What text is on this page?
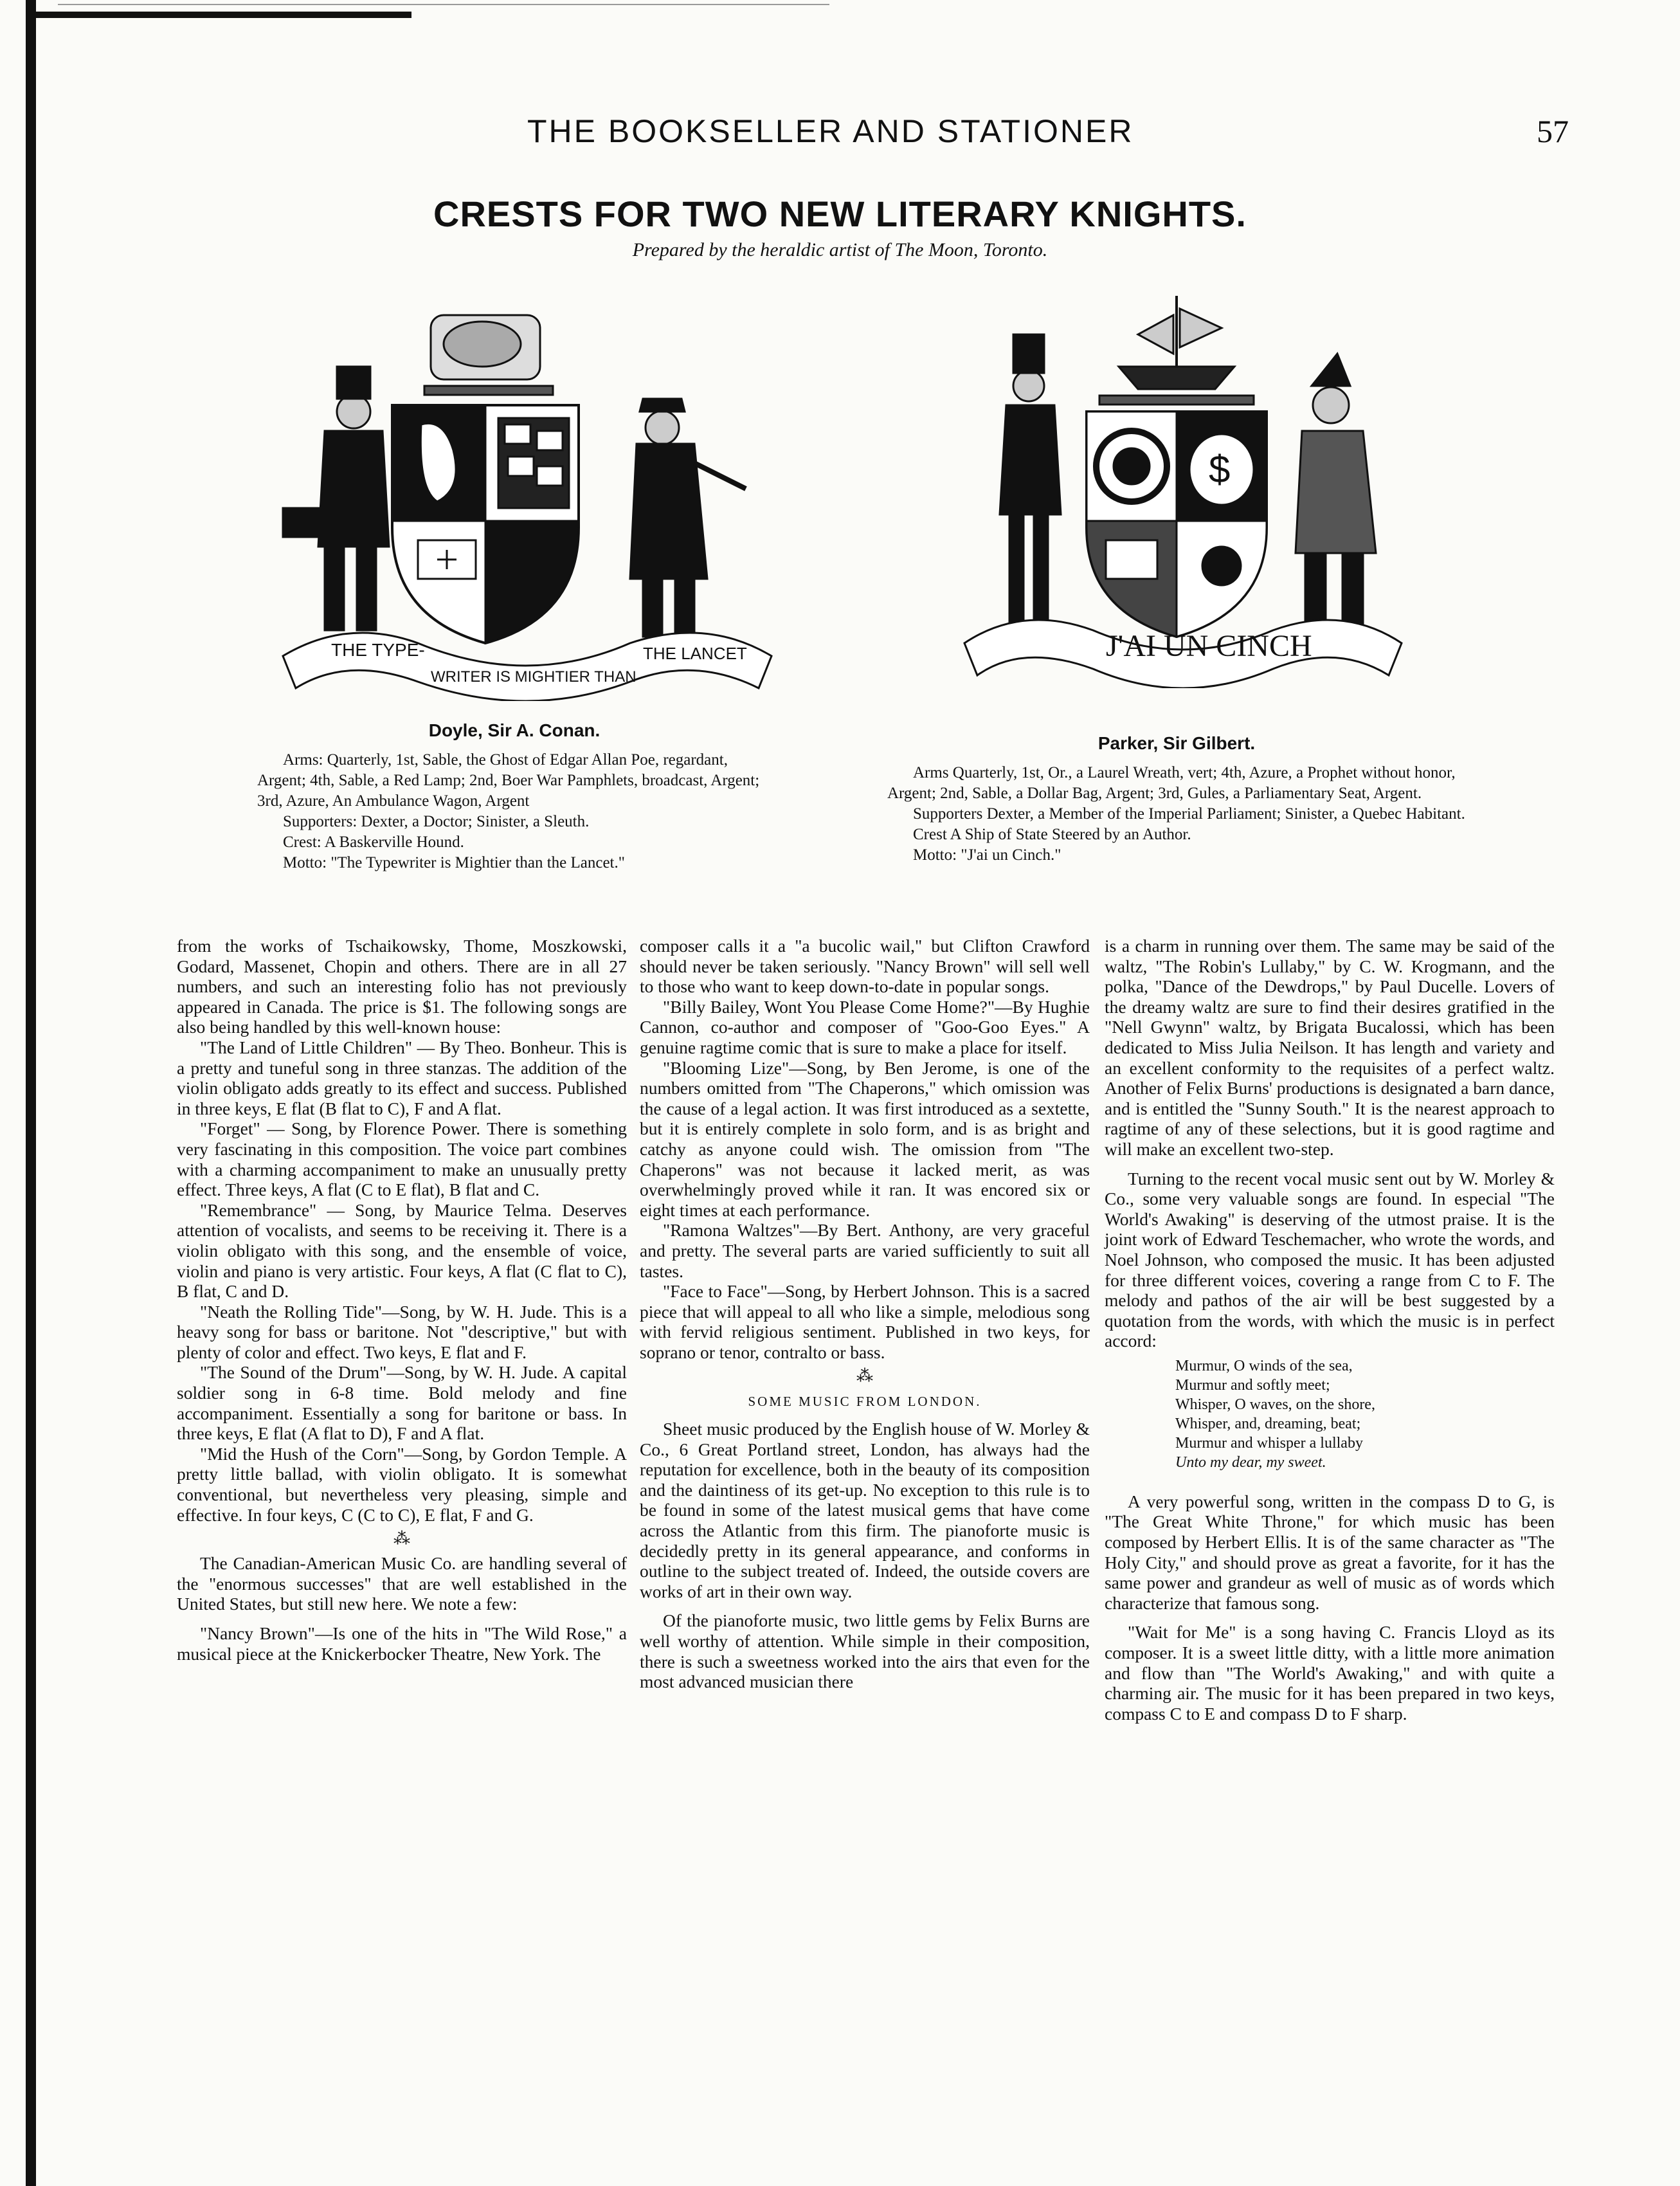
THE BOOKSELLER AND STATIONER	57
CRESTS FOR TWO NEW LITERARY KNIGHTS.
Prepared by the heraldic artist of The Moon, Toronto.
THE TYPE-
WRITER IS MIGHTIER THAN
THE LANCET
$
J'AI UN CINCH
Doyle, Sir A. Conan.

Arms: Quarterly, 1st, Sable, the Ghost of Edgar Allan Poe, regardant, Argent; 4th, Sable, a Red Lamp; 2nd, Boer War Pamphlets, broadcast, Argent; 3rd, Azure, An Ambulance Wagon, Argent

Supporters: Dexter, a Doctor; Sinister, a Sleuth.

Crest: A Baskerville Hound.

Motto: "The Typewriter is Mightier than the Lancet."

Parker, Sir Gilbert.

Arms Quarterly, 1st, Or., a Laurel Wreath, vert; 4th, Azure, a Prophet without honor, Argent; 2nd, Sable, a Dollar Bag, Argent; 3rd, Gules, a Parliamentary Seat, Argent.

Supporters Dexter, a Member of the Imperial Parliament; Sinister, a Quebec Habitant.

Crest A Ship of State Steered by an Author.

Motto: "J'ai un Cinch."

from the works of Tschaikowsky, Thome, Moszkowski, Godard, Massenet, Chopin and others. There are in all 27 numbers, and such an interesting folio has not previously appeared in Canada. The price is $1. The following songs are also being handled by this well-known house:

"The Land of Little Children" — By Theo. Bonheur. This is a pretty and tuneful song in three stanzas. The addition of the violin obligato adds greatly to its effect and success. Published in three keys, E flat (B flat to C), F and A flat.

"Forget" — Song, by Florence Power. There is something very fascinating in this composition. The voice part combines with a charming accompaniment to make an unusually pretty effect. Three keys, A flat (C to E flat), B flat and C.

"Remembrance" — Song, by Maurice Telma. Deserves attention of vocalists, and seems to be receiving it. There is a violin obligato with this song, and the ensemble of voice, violin and piano is very artistic. Four keys, A flat (C flat to C), B flat, C and D.

"Neath the Rolling Tide"—Song, by W. H. Jude. This is a heavy song for bass or baritone. Not "descriptive," but with plenty of color and effect. Two keys, E flat and F.

"The Sound of the Drum"—Song, by W. H. Jude. A capital soldier song in 6-8 time. Bold melody and fine accompaniment. Essentially a song for baritone or bass. In three keys, E flat (A flat to D), F and A flat.

"Mid the Hush of the Corn"—Song, by Gordon Temple. A pretty little ballad, with violin obligato. It is somewhat conventional, but nevertheless very pleasing, simple and effective. In four keys, C (C to C), E flat, F and G.

⁂

The Canadian-American Music Co. are handling several of the "enormous successes" that are well established in the United States, but still new here. We note a few:

"Nancy Brown"—Is one of the hits in "The Wild Rose," a musical piece at the Knickerbocker Theatre, New York. The

composer calls it a "a bucolic wail," but Clifton Crawford should never be taken seriously. "Nancy Brown" will sell well to those who want to keep down-to-date in popular songs.

"Billy Bailey, Wont You Please Come Home?"—By Hughie Cannon, co-author and composer of "Goo-Goo Eyes." A genuine ragtime comic that is sure to make a place for itself.

"Blooming Lize"—Song, by Ben Jerome, is one of the numbers omitted from "The Chaperons," which omission was the cause of a legal action. It was first introduced as a sextette, but it is entirely complete in solo form, and is as bright and catchy as anyone could wish. The omission from "The Chaperons" was not because it lacked merit, as was overwhelmingly proved while it ran. It was encored six or eight times at each performance.

"Ramona Waltzes"—By Bert. Anthony, are very graceful and pretty. The several parts are varied sufficiently to suit all tastes.

"Face to Face"—Song, by Herbert Johnson. This is a sacred piece that will appeal to all who like a simple, melodious song with fervid religious sentiment. Published in two keys, for soprano or tenor, contralto or bass.

⁂
SOME MUSIC FROM LONDON.

Sheet music produced by the English house of W. Morley & Co., 6 Great Portland street, London, has always had the reputation for excellence, both in the beauty of its composition and the daintiness of its get-up. No exception to this rule is to be found in some of the latest musical gems that have come across the Atlantic from this firm. The pianoforte music is decidedly pretty in its general appearance, and conforms in outline to the subject treated of. Indeed, the outside covers are works of art in their own way.

Of the pianoforte music, two little gems by Felix Burns are well worthy of attention. While simple in their composition, there is such a sweetness worked into the airs that even for the most advanced musician there

is a charm in running over them. The same may be said of the waltz, "The Robin's Lullaby," by C. W. Krogmann, and the polka, "Dance of the Dewdrops," by Paul Ducelle. Lovers of the dreamy waltz are sure to find their desires gratified in the "Nell Gwynn" waltz, by Brigata Bucalossi, which has been dedicated to Miss Julia Neilson. It has length and variety and an excellent conformity to the requisites of a perfect waltz. Another of Felix Burns' productions is designated a barn dance, and is entitled the "Sunny South." It is the nearest approach to ragtime of any of these selections, but it is good ragtime and will make an excellent two-step.

Turning to the recent vocal music sent out by W. Morley & Co., some very valuable songs are found. In especial "The World's Awaking" is deserving of the utmost praise. It is the joint work of Edward Teschemacher, who wrote the words, and Noel Johnson, who composed the music. It has been adjusted for three different voices, covering a range from C to F. The melody and pathos of the air will be best suggested by a quotation from the words, with which the music is in perfect accord:

Murmur, O winds of the sea,
Murmur and softly meet;
Whisper, O waves, on the shore,
Whisper, and, dreaming, beat;
Murmur and whisper a lullaby
Unto my dear, my sweet.

A very powerful song, written in the compass D to G, is "The Great White Throne," for which music has been composed by Herbert Ellis. It is of the same character as "The Holy City," and should prove as great a favorite, for it has the same power and grandeur as well of music as of words which characterize that famous song.

"Wait for Me" is a song having C. Francis Lloyd as its composer. It is a sweet little ditty, with a little more animation and flow than "The World's Awaking," and with quite a charming air. The music for it has been prepared in two keys, compass C to E and compass D to F sharp.
